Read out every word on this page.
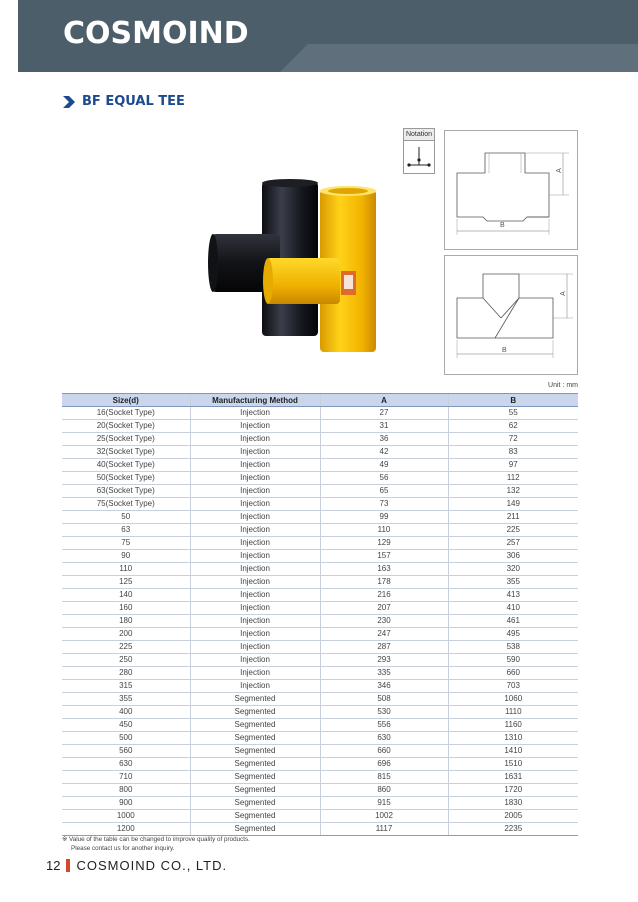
COSMOIND
BF EQUAL TEE
Notation
A
B
A
B
Unit : mm
Size(d)	Manufacturing Method	A	B
16(Socket Type)	Injection	27	55
20(Socket Type)	Injection	31	62
25(Socket Type)	Injection	36	72
32(Socket Type)	Injection	42	83
40(Socket Type)	Injection	49	97
50(Socket Type)	Injection	56	112
63(Socket Type)	Injection	65	132
75(Socket Type)	Injection	73	149
50	Injection	99	211
63	Injection	110	225
75	Injection	129	257
90	Injection	157	306
110	Injection	163	320
125	Injection	178	355
140	Injection	216	413
160	Injection	207	410
180	Injection	230	461
200	Injection	247	495
225	Injection	287	538
250	Injection	293	590
280	Injection	335	660
315	Injection	346	703
355	Segmented	508	1060
400	Segmented	530	1110
450	Segmented	556	1160
500	Segmented	630	1310
560	Segmented	660	1410
630	Segmented	696	1510
710	Segmented	815	1631
800	Segmented	860	1720
900	Segmented	915	1830
1000	Segmented	1002	2005
1200	Segmented	1117	2235
※ Value of the table can be changed to improve quality of products.
Please contact us for another inquiry.
12 COSMOIND CO., LTD.
